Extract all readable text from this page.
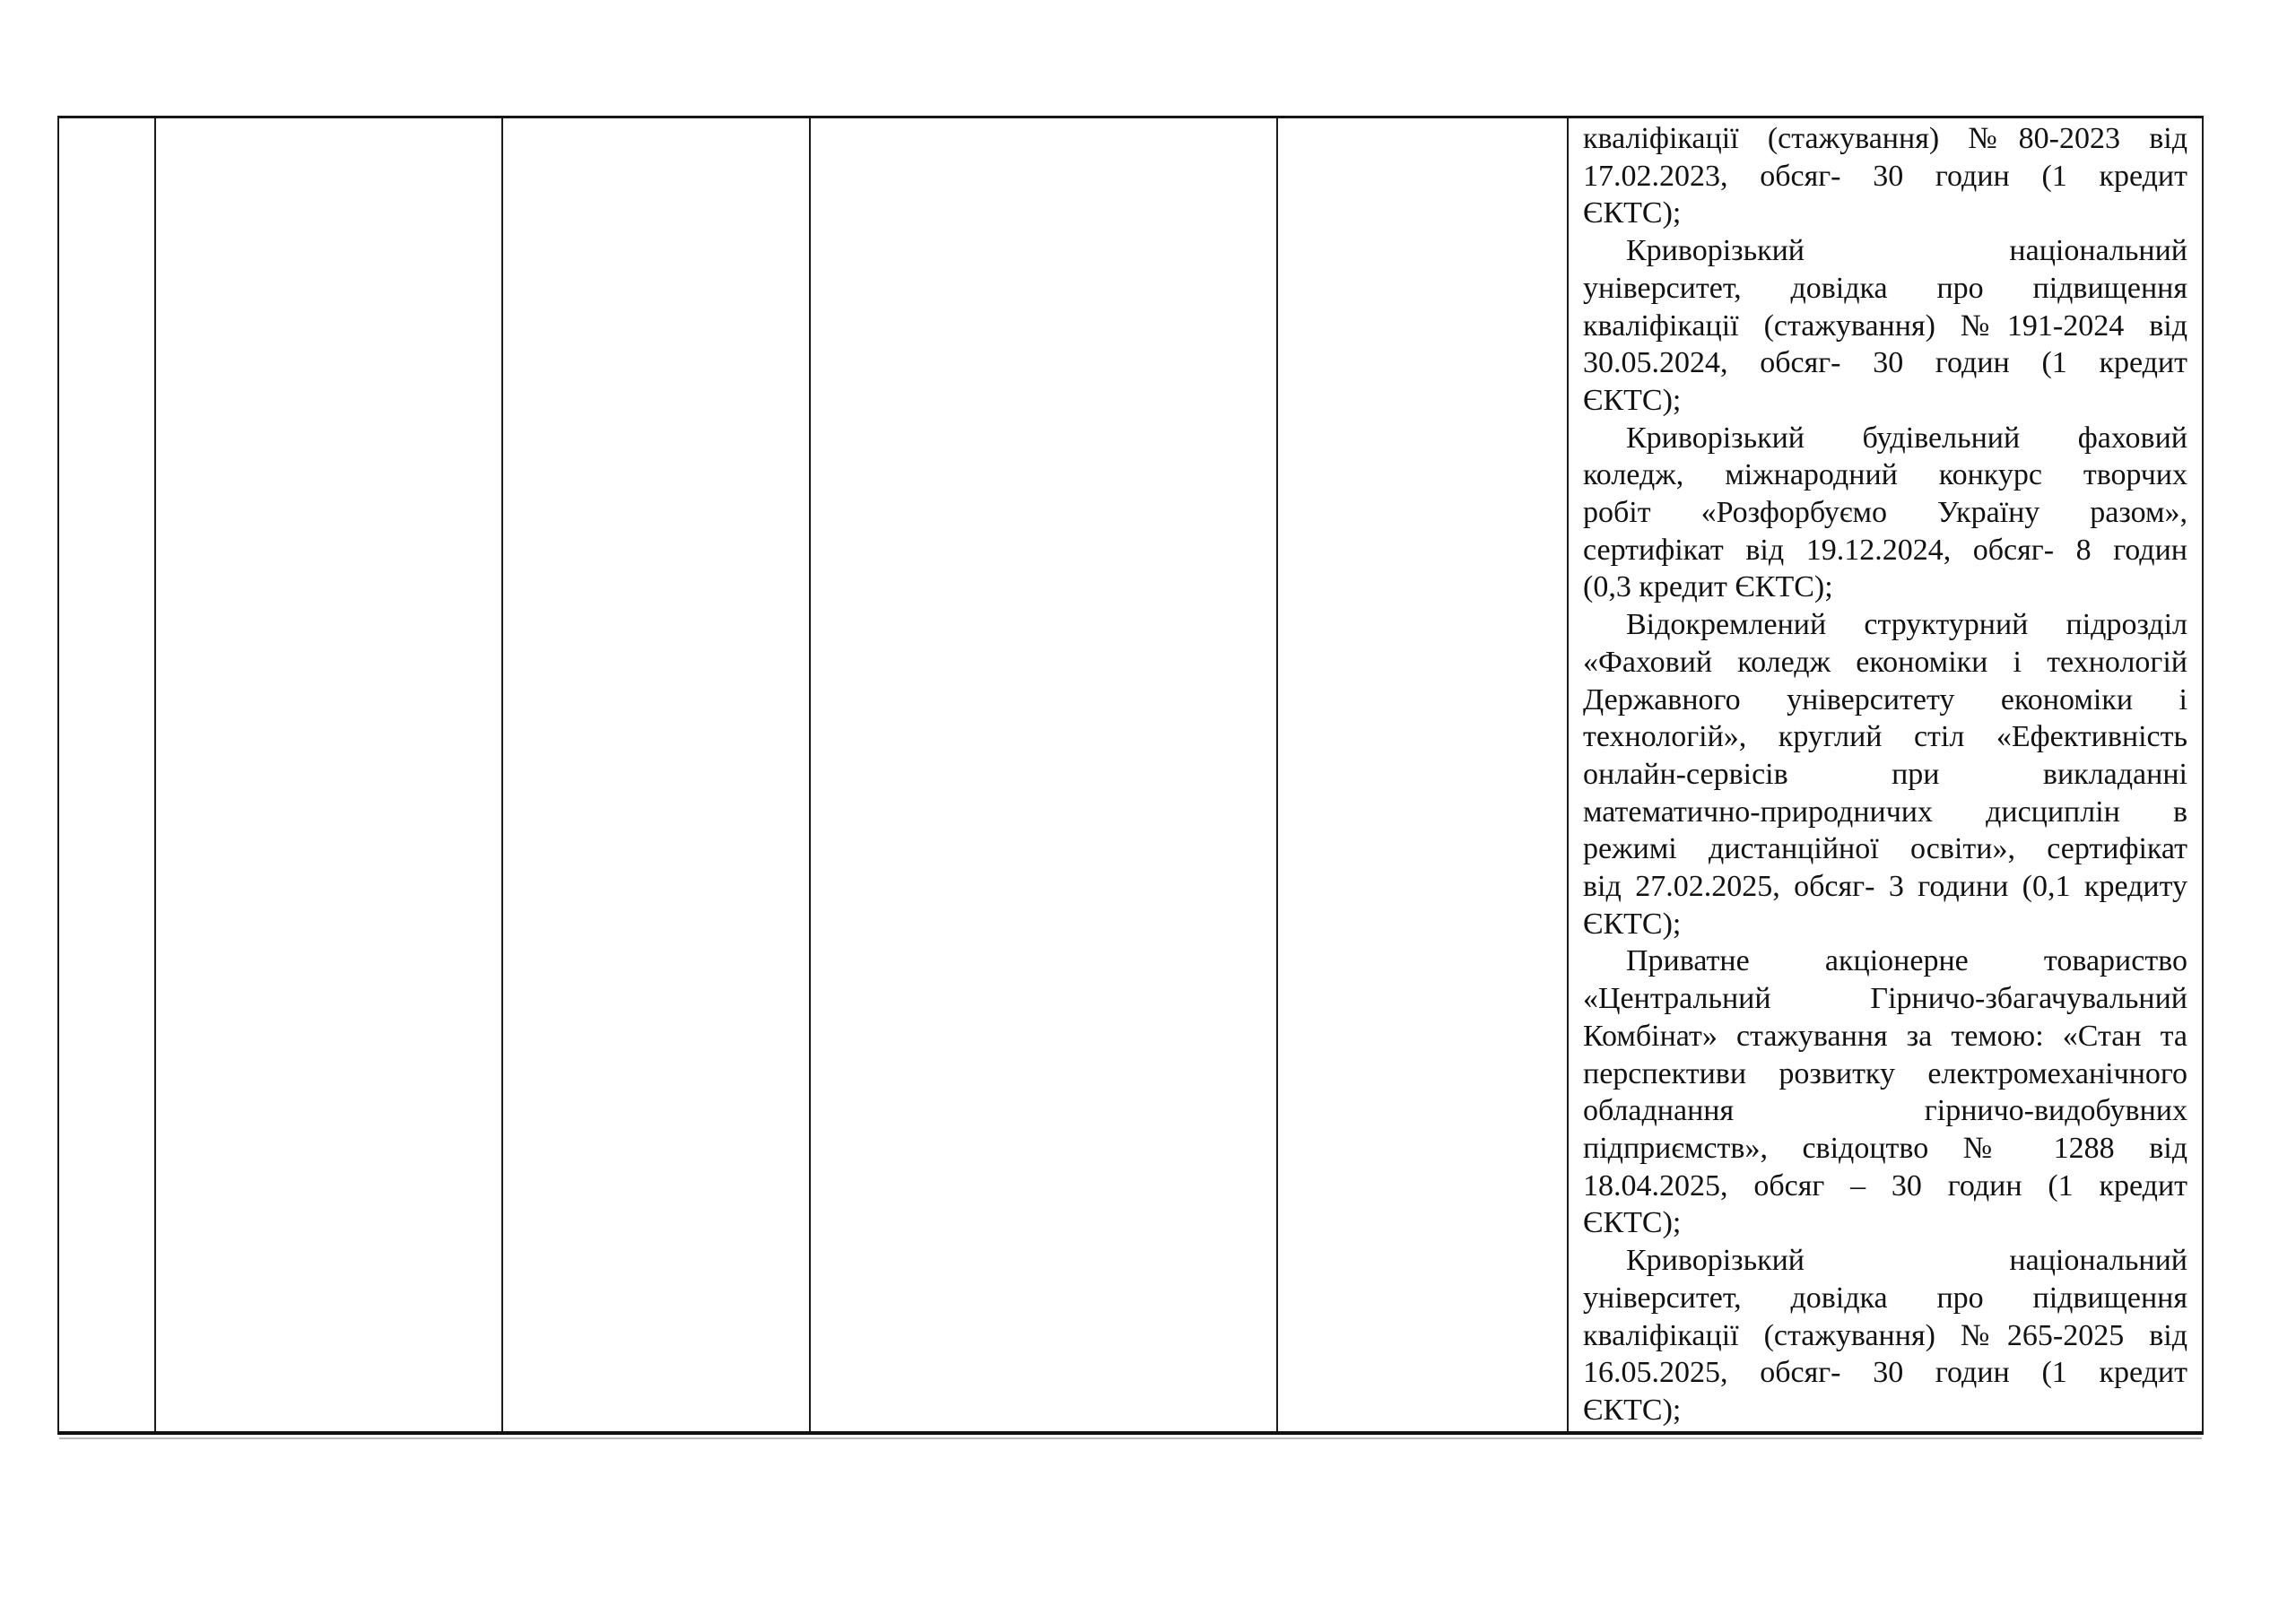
кваліфікації (стажування) №80-2023 від
17.02.2023, обсяг- 30 годин (1 кредит
ЄКТС);
Криворізький національний
університет, довідка про підвищення
кваліфікації (стажування) №191-2024 від
30.05.2024, обсяг- 30 годин (1 кредит
ЄКТС);
Криворізький будівельний фаховий
коледж, міжнародний конкурс творчих
робіт «Розфорбуємо Україну разом»,
сертифікат від 19.12.2024, обсяг- 8 годин
(0,3 кредит ЄКТС);
Відокремлений структурний підрозділ
«Фаховий коледж економіки і технологій
Державного університету економіки і
технологій», круглий стіл «Ефективність
онлайн-сервісів при викладанні
математично-природничих дисциплін в
режимі дистанційної освіти», сертифікат
від 27.02.2025, обсяг- 3 години (0,1 кредиту
ЄКТС);
Приватне акціонерне товариство
«Центральний Гірничо-збагачувальний
Комбінат» стажування за темою: «Стан та
перспективи розвитку електромеханічного
обладнання гірничо-видобувних
підприємств», свідоцтво № 1288 від
18.04.2025, обсяг – 30 годин (1 кредит
ЄКТС);
Криворізький національний
університет, довідка про підвищення
кваліфікації (стажування) №265-2025 від
16.05.2025, обсяг- 30 годин (1 кредит
ЄКТС);
